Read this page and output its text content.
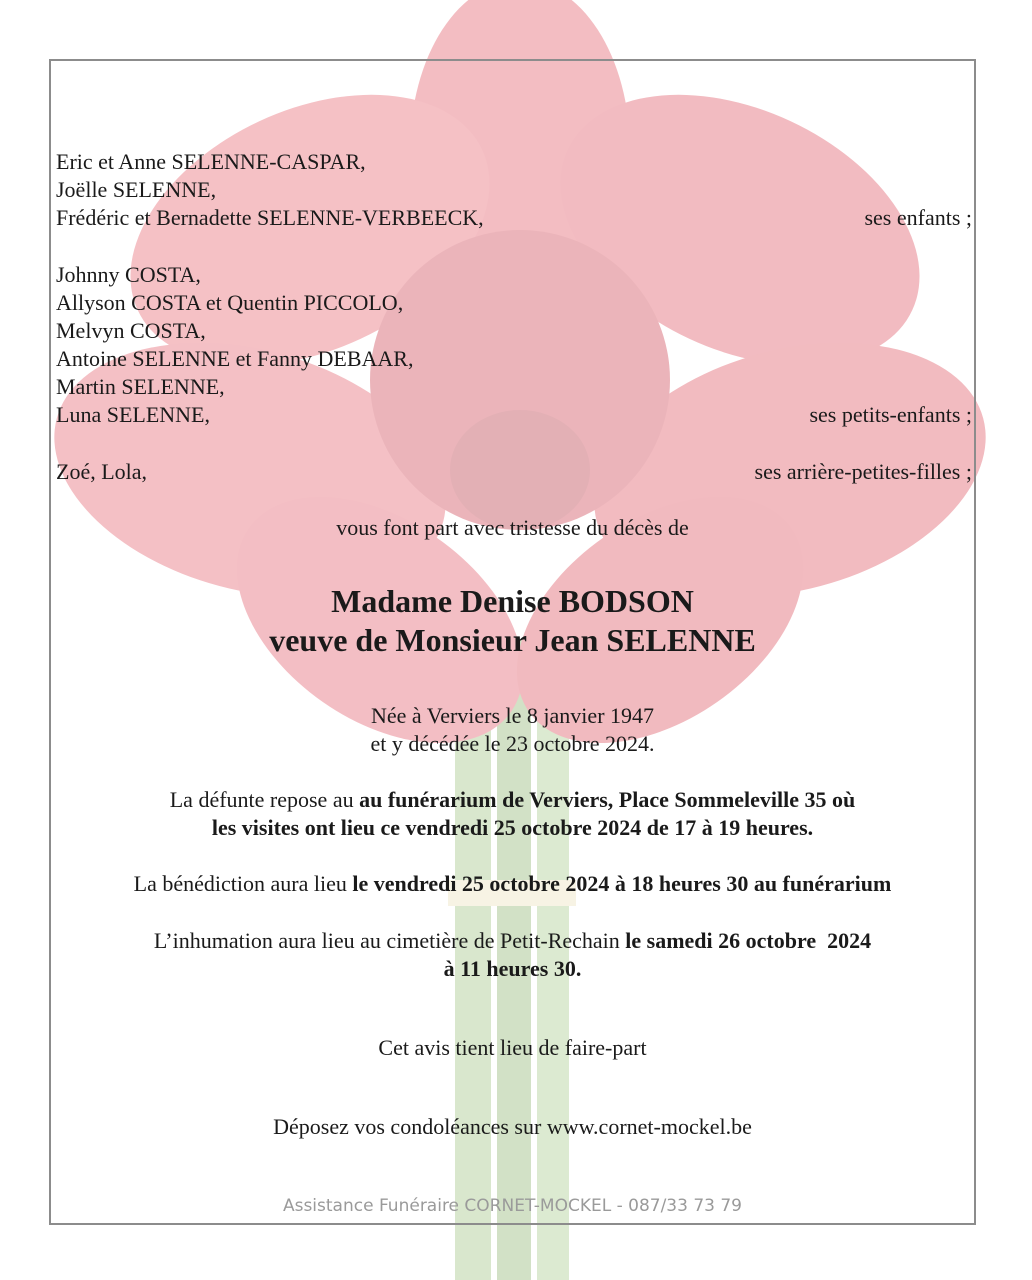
Eric et Anne SELENNE-CASPAR,
Joëlle SELENNE,
Frédéric et Bernadette SELENNE-VERBEECK,	ses enfants ;
Johnny COSTA,
Allyson COSTA et Quentin PICCOLO,
Melvyn COSTA,
Antoine SELENNE et Fanny DEBAAR,
Martin SELENNE,
Luna SELENNE,	ses petits-enfants ;
Zoé, Lola,	ses arrière-petites-filles ;
vous font part avec tristesse du décès de
Madame Denise BODSON
veuve de Monsieur Jean SELENNE
Née à Verviers le 8 janvier 1947
et y décédée le 23 octobre 2024.
La défunte repose au au funérarium de Verviers, Place Sommeleville 35 où
les visites ont lieu ce vendredi 25 octobre 2024 de 17 à 19 heures.
La bénédiction aura lieu le vendredi 25 octobre 2024 à 18 heures 30 au funérarium
L’inhumation aura lieu au cimetière de Petit-Rechain le samedi 26 octobre  2024
à 11 heures 30.
Cet avis tient lieu de faire-part
Déposez vos condoléances sur www.cornet-mockel.be
Assistance Funéraire CORNET-MOCKEL - 087/33 73 79
